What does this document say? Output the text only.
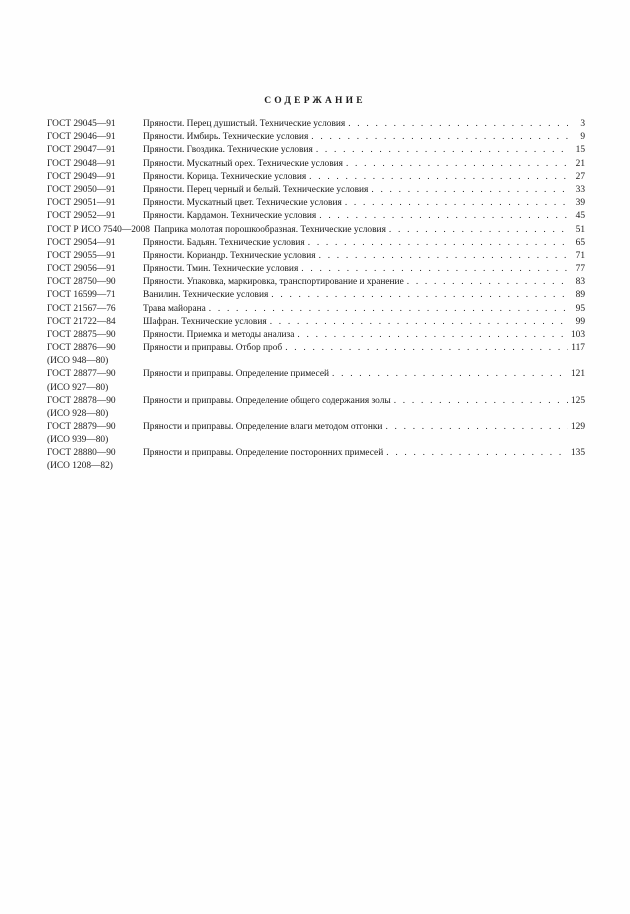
СОДЕРЖАНИЕ
ГОСТ 29045—91	Пряности. Перец душистый. Технические условия . . .	3
ГОСТ 29046—91	Пряности. Имбирь. Технические условия . . .	9
ГОСТ 29047—91	Пряности. Гвоздика. Технические условия . . .	15
ГОСТ 29048—91	Пряности. Мускатный орех. Технические условия . . .	21
ГОСТ 29049—91	Пряности. Корица. Технические условия . . .	27
ГОСТ 29050—91	Пряности. Перец черный и белый. Технические условия . . .	33
ГОСТ 29051—91	Пряности. Мускатный цвет. Технические условия . . .	39
ГОСТ 29052—91	Пряности. Кардамон. Технические условия . . .	45
ГОСТ Р ИСО 7540—2008 Паприка молотая порошкообразная. Технические условия . . .	51
ГОСТ 29054—91	Пряности. Бадьян. Технические условия . . .	65
ГОСТ 29055—91	Пряности. Кориандр. Технические условия . . .	71
ГОСТ 29056—91	Пряности. Тмин. Технические условия . . .	77
ГОСТ 28750—90	Пряности. Упаковка, маркировка, транспортирование и хранение . . .	83
ГОСТ 16599—71	Ванилин. Технические условия . . .	89
ГОСТ 21567—76	Трава майорана . . .	95
ГОСТ 21722—84	Шафран. Технические условия . . .	99
ГОСТ 28875—90	Пряности. Приемка и методы анализа . . .	103
ГОСТ 28876—90	Пряности и приправы. Отбор проб . . .	117
(ИСО 948—80)
ГОСТ 28877—90	Пряности и приправы. Определение примесей . . .	121
(ИСО 927—80)
ГОСТ 28878—90	Пряности и приправы. Определение общего содержания золы . . .	125
(ИСО 928—80)
ГОСТ 28879—90	Пряности и приправы. Определение влаги методом отгонки . . .	129
(ИСО 939—80)
ГОСТ 28880—90	Пряности и приправы. Определение посторонних примесей . . .	135
(ИСО 1208—82)
